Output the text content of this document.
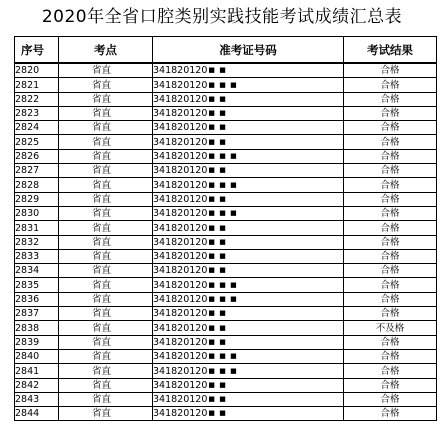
2020年全省口腔类别实践技能考试成绩汇总表
序号	考点	准考证号码	考试结果
2820	省直	341820120■ ■	合格
2821	省直	341820120■ ■ ■	合格
2822	省直	341820120■ ■	合格
2823	省直	341820120■ ■	合格
2824	省直	341820120■ ■	合格
2825	省直	341820120■ ■	合格
2826	省直	341820120■ ■ ■	合格
2827	省直	341820120■ ■	合格
2828	省直	341820120■ ■ ■	合格
2829	省直	341820120■ ■	合格
2830	省直	341820120■ ■ ■	合格
2831	省直	341820120■ ■	合格
2832	省直	341820120■ ■	合格
2833	省直	341820120■ ■	合格
2834	省直	341820120■ ■	合格
2835	省直	341820120■ ■ ■	合格
2836	省直	341820120■ ■ ■	合格
2837	省直	341820120■ ■	合格
2838	省直	341820120■ ■	不及格
2839	省直	341820120■ ■	合格
2840	省直	341820120■ ■ ■	合格
2841	省直	341820120■ ■ ■	合格
2842	省直	341820120■ ■	合格
2843	省直	341820120■ ■	合格
2844	省直	341820120■ ■	合格
